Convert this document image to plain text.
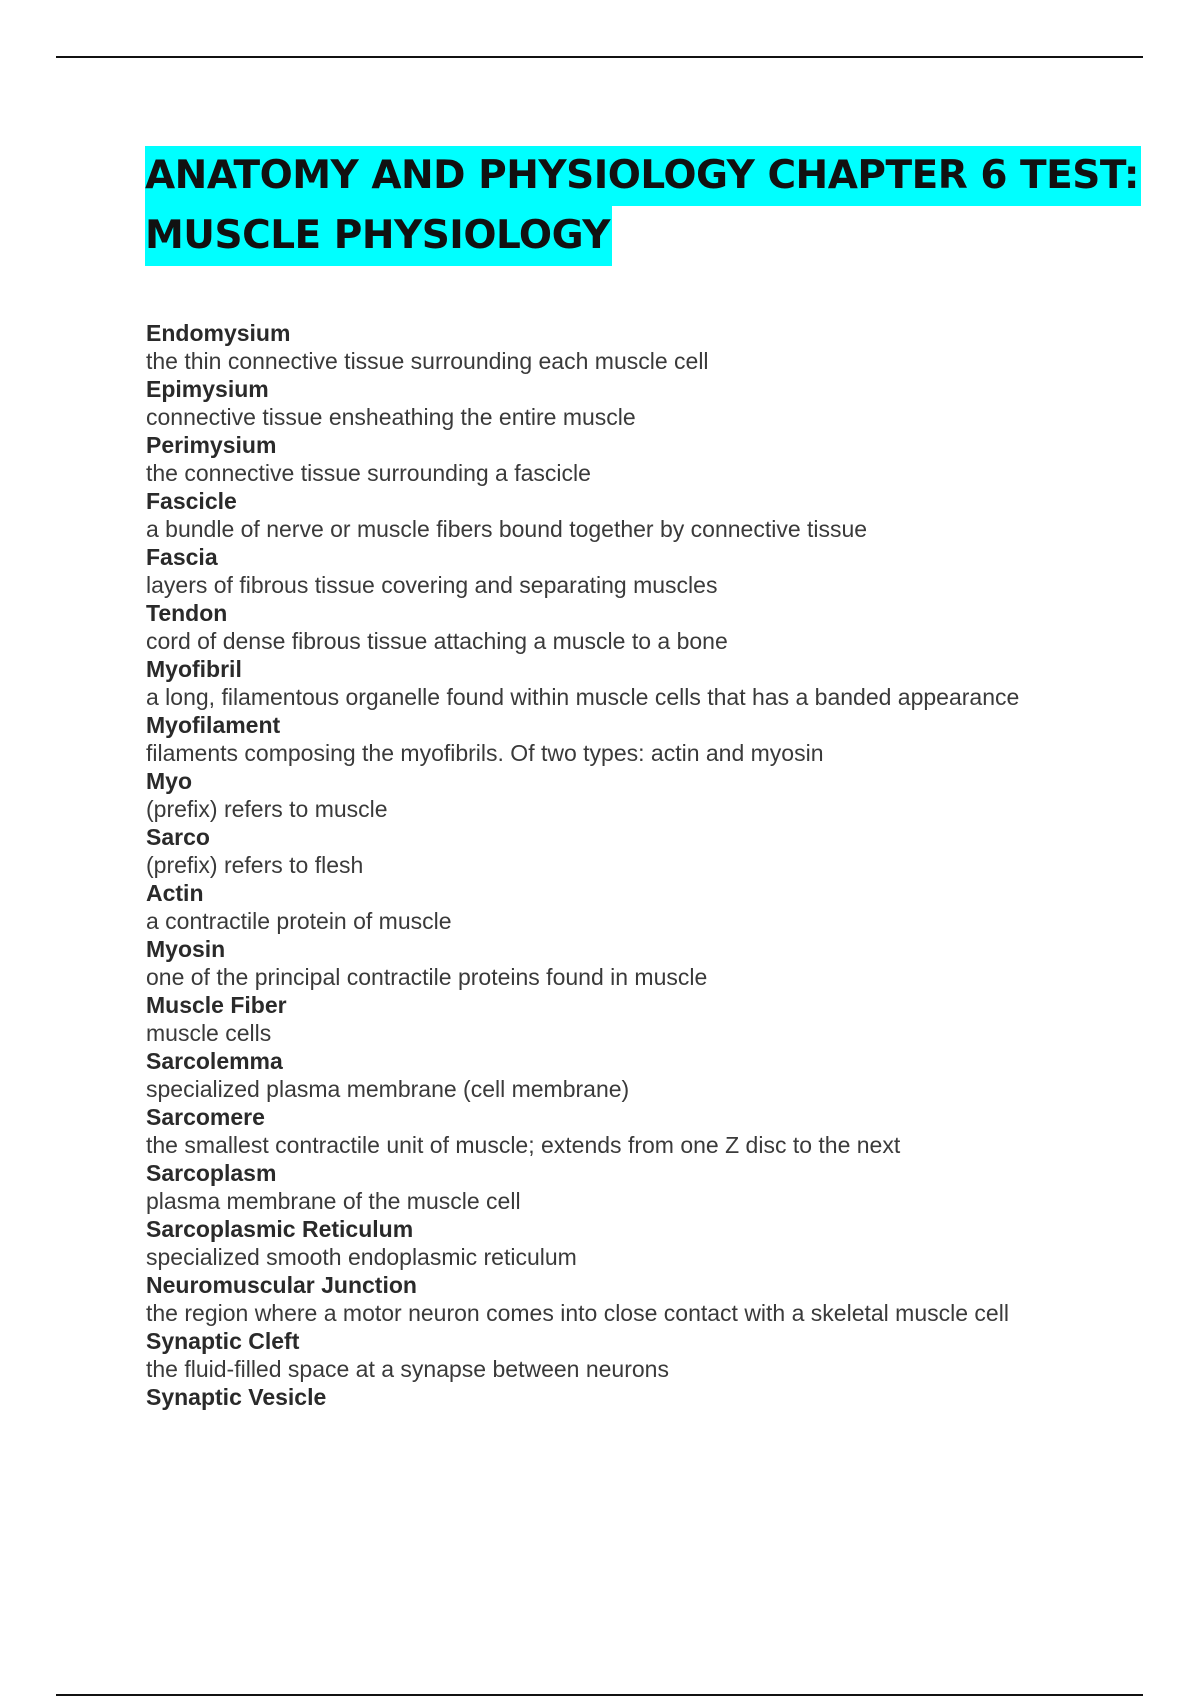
ANATOMY AND PHYSIOLOGY CHAPTER 6 TEST:
MUSCLE PHYSIOLOGY
Endomysium
the thin connective tissue surrounding each muscle cell
Epimysium
connective tissue ensheathing the entire muscle
Perimysium
the connective tissue surrounding a fascicle
Fascicle
a bundle of nerve or muscle fibers bound together by connective tissue
Fascia
layers of fibrous tissue covering and separating muscles
Tendon
cord of dense fibrous tissue attaching a muscle to a bone
Myofibril
a long, filamentous organelle found within muscle cells that has a banded appearance
Myofilament
filaments composing the myofibrils. Of two types: actin and myosin
Myo
(prefix) refers to muscle
Sarco
(prefix) refers to flesh
Actin
a contractile protein of muscle
Myosin
one of the principal contractile proteins found in muscle
Muscle Fiber
muscle cells
Sarcolemma
specialized plasma membrane (cell membrane)
Sarcomere
the smallest contractile unit of muscle; extends from one Z disc to the next
Sarcoplasm
plasma membrane of the muscle cell
Sarcoplasmic Reticulum
specialized smooth endoplasmic reticulum
Neuromuscular Junction
the region where a motor neuron comes into close contact with a skeletal muscle cell
Synaptic Cleft
the fluid-filled space at a synapse between neurons
Synaptic Vesicle
